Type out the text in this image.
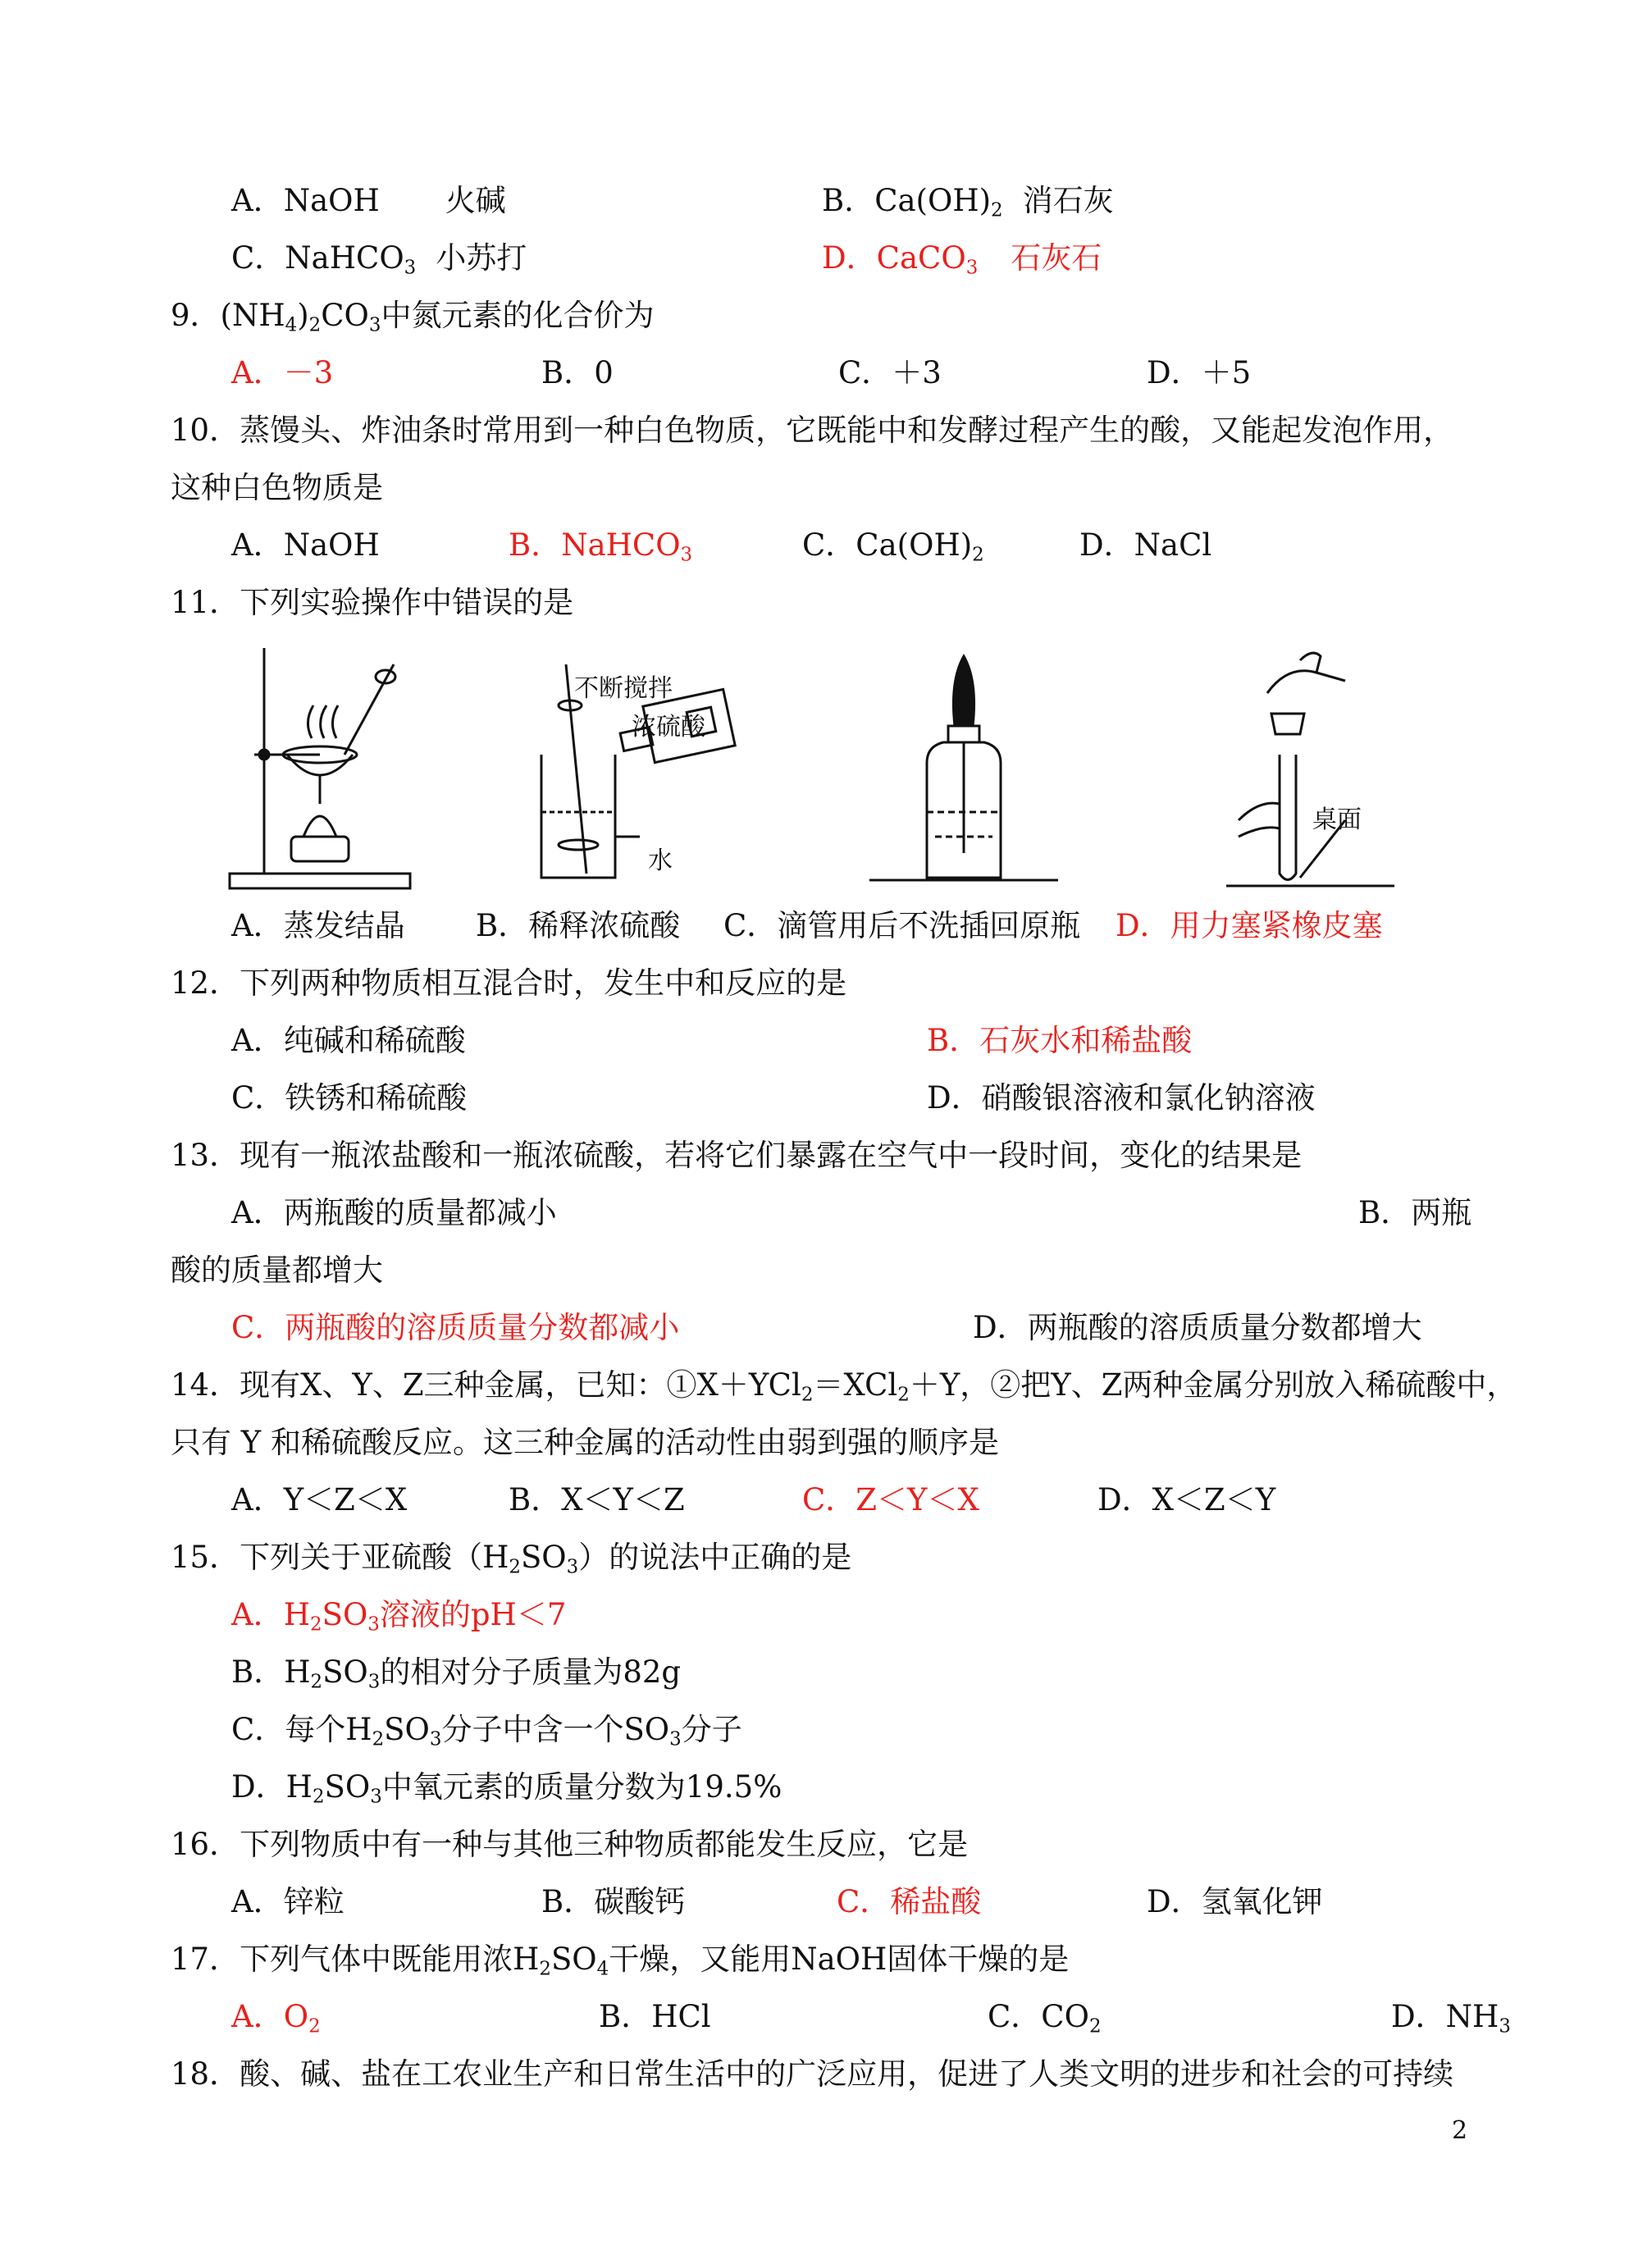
A．NaOH 火碱	B．$Ca(OH)_2$ 消石灰
C．NaHCO$_3$ 小苏打	D．CaCO$_3$ 石灰石
9．$(NH_4)_2CO_3$中氮元素的化合价为
A．－3	B．0	C．＋3	D．＋5
10．蒸馒头、炸油条时常用到一种白色物质，它既能中和发酵过程产生的酸，又能起发泡作用，
这种白色物质是
A．NaOH	B．NaHCO$_3$	C．$Ca(OH)_2$	D．NaCl
11．下列实验操作中错误的是
不断搅拌
浓硫酸
水
桌面
A．蒸发结晶 B．稀释浓硫酸 C．滴管用后不洗插回原瓶 D．用力塞紧橡皮塞
12．下列两种物质相互混合时，发生中和反应的是
A．纯碱和稀硫酸	B．石灰水和稀盐酸
C．铁锈和稀硫酸	D．硝酸银溶液和氯化钠溶液
13．现有一瓶浓盐酸和一瓶浓硫酸，若将它们暴露在空气中一段时间，变化的结果是
A．两瓶酸的质量都减小	B．两瓶
酸的质量都增大
C．两瓶酸的溶质质量分数都减小	D．两瓶酸的溶质质量分数都增大
14．现有X、Y、Z三种金属，已知：①X＋YCl$_2$＝XCl$_2$＋Y，②把Y、Z两种金属分别放入稀硫酸中，
只有 Y 和稀硫酸反应。这三种金属的活动性由弱到强的顺序是
A．Y＜Z＜X	B．X＜Y＜Z	C．Z＜Y＜X	D．X＜Z＜Y
15．下列关于亚硫酸$(H_2SO_3)$的说法中正确的是
A．$H_2SO_3$溶液的pH＜7
B．$H_2SO_3$的相对分子质量为82g
C．每个$H_2SO_3$分子中含一个$SO_3$分子
D．$H_2SO_3$中氧元素的质量分数为19.5%
16．下列物质中有一种与其他三种物质都能发生反应，它是
A．锌粒	B．碳酸钙	C．稀盐酸	D．氢氧化钾
17．下列气体中既能用浓$H_2SO_4$干燥，又能用NaOH固体干燥的是
A．$O_2$	B．HCl	C．$CO_2$	D．$NH_3$
18．酸、碱、盐在工农业生产和日常生活中的广泛应用，促进了人类文明的进步和社会的可持续
2
